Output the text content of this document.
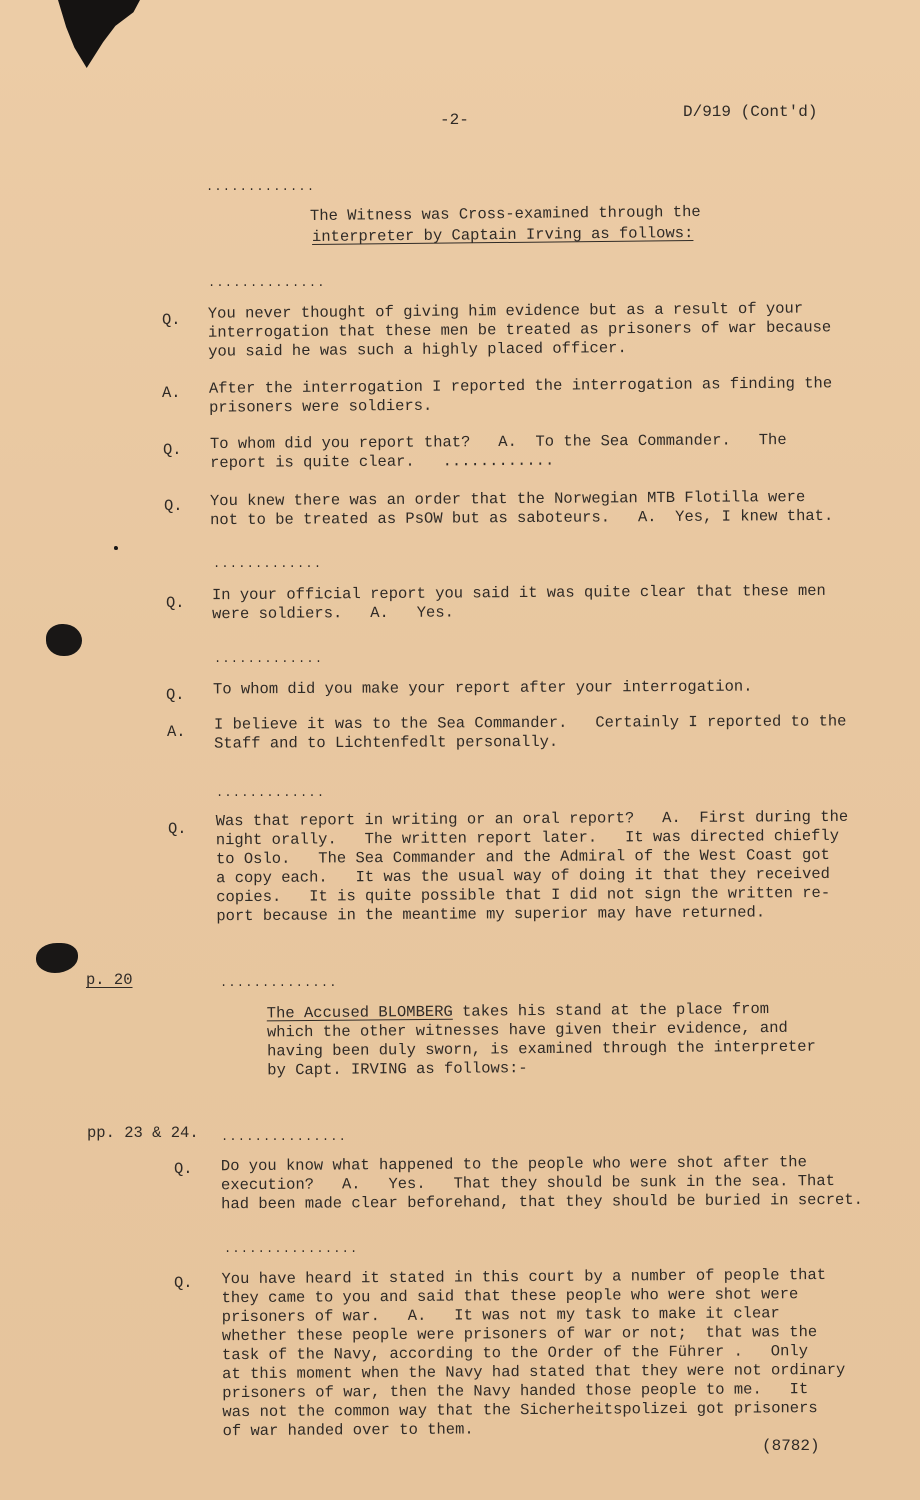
-2-	D/919 (Cont'd)
.............
The Witness was Cross-examined through the
interpreter by Captain Irving as follows:
..............
Q. You never thought of giving him evidence but as a result of your
interrogation that these men be treated as prisoners of war because
you said he was such a highly placed officer.
A. After the interrogation I reported the interrogation as finding the
prisoners were soldiers.
Q. To whom did you report that?   A.  To the Sea Commander.   The
report is quite clear.   ............
Q. You knew there was an order that the Norwegian MTB Flotilla were
not to be treated as PsOW but as saboteurs.   A.  Yes, I knew that.
.............
Q. In your official report you said it was quite clear that these men
were soldiers.   A.   Yes.
.............
Q. To whom did you make your report after your interrogation.
A. I believe it was to the Sea Commander.   Certainly I reported to the
Staff and to Lichtenfedlt personally.
.............
Q. Was that report in writing or an oral report?   A.  First during the
night orally.   The written report later.   It was directed chiefly
to Oslo.   The Sea Commander and the Admiral of the West Coast got
a copy each.   It was the usual way of doing it that they received
copies.   It is quite possible that I did not sign the written re-
port because in the meantime my superior may have returned.
p. 20	..............
The Accused BLOMBERG takes his stand at the place from
which the other witnesses have given their evidence, and
having been duly sworn, is examined through the interpreter
by Capt. IRVING as follows:-
pp. 23 & 24. ...............
Q. Do you know what happened to the people who were shot after the
execution?   A.   Yes.   That they should be sunk in the sea. That
had been made clear beforehand, that they should be buried in secret.
................
Q. You have heard it stated in this court by a number of people that
they came to you and said that these people who were shot were
prisoners of war.   A.   It was not my task to make it clear
whether these people were prisoners of war or not;  that was the
task of the Navy, according to the Order of the Führer .   Only
at this moment when the Navy had stated that they were not ordinary
prisoners of war, then the Navy handed those people to me.   It
was not the common way that the Sicherheitspolizei got prisoners
of war handed over to them.
(8782)
